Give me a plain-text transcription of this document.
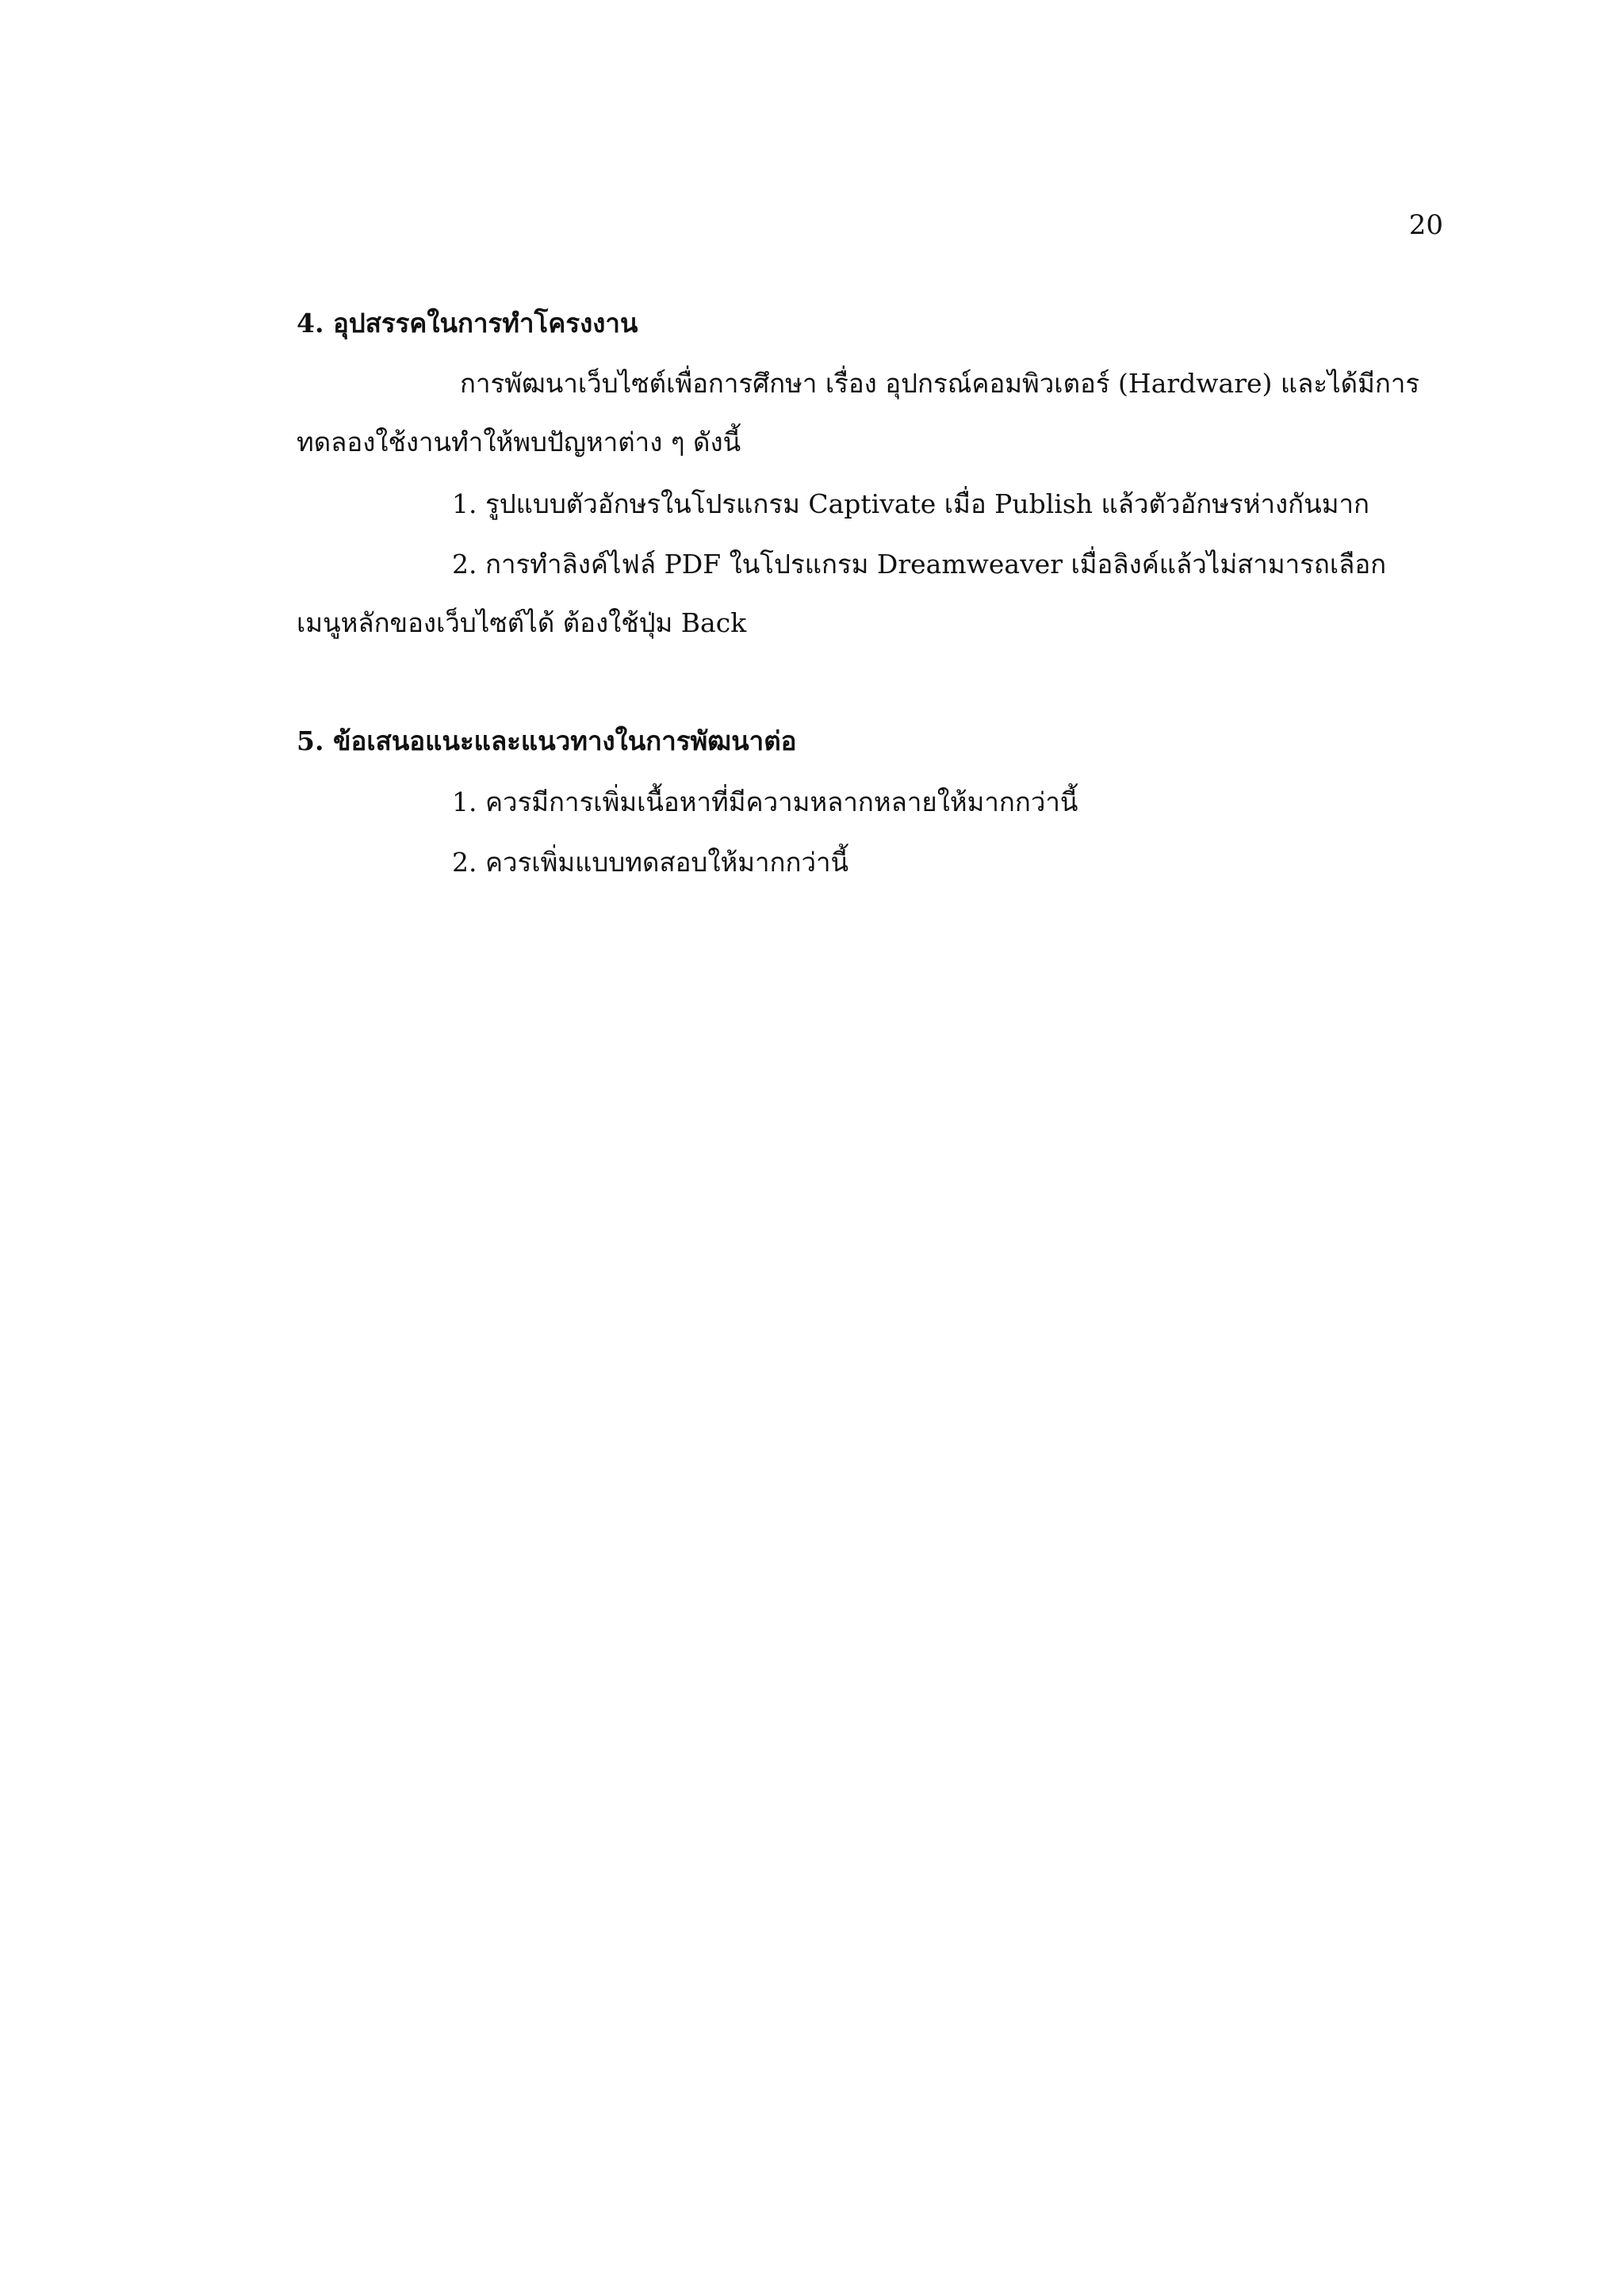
20
4. อุปสรรคในการทำโครงงาน
การพัฒนาเว็บไซต์เพื่อการศึกษา เรื่อง อุปกรณ์คอมพิวเตอร์ (Hardware) และได้มีการ
ทดลองใช้งานทำให้พบปัญหาต่าง ๆ ดังนี้
1. รูปแบบตัวอักษรในโปรแกรม Captivate เมื่อ Publish แล้วตัวอักษรห่างกันมาก
2. การทำลิงค์ไฟล์ PDF ในโปรแกรม Dreamweaver เมื่อลิงค์แล้วไม่สามารถเลือก
เมนูหลักของเว็บไซต์ได้ ต้องใช้ปุ่ม Back
5. ข้อเสนอแนะและแนวทางในการพัฒนาต่อ
1. ควรมีการเพิ่มเนื้อหาที่มีความหลากหลายให้มากกว่านี้
2. ควรเพิ่มแบบทดสอบให้มากกว่านี้
